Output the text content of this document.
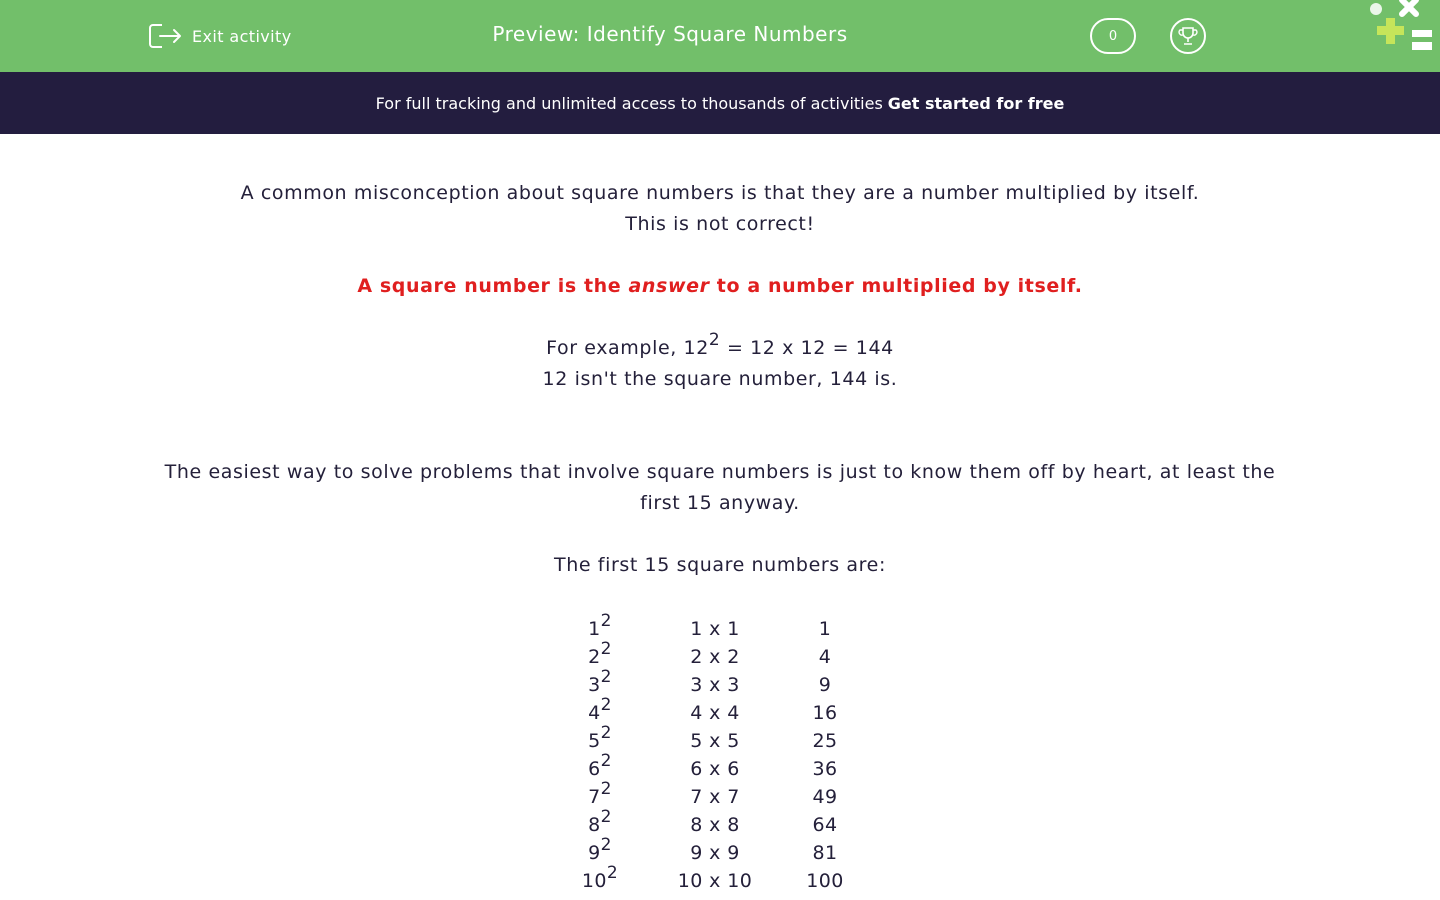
Exit activity	Preview: Identify Square Numbers	0
For full tracking and unlimited access to thousands of activities Get started for free
A common misconception about square numbers is that they are a number multiplied by itself.
This is not correct!
A square number is the answer to a number multiplied by itself.
For example, $12^2 = 12$ x 12 = 144
12 isn't the square number, 144 is.
The easiest way to solve problems that involve square numbers is just to know them off by heart, at least the first 15 anyway.
The first 15 square numbers are:
$1^2$	1 x 1	1
$2^2$	2 x 2	4
$3^2$	3 x 3	9
$4^2$	4 x 4	16
$5^2$	5 x 5	25
$6^2$	6 x 6	36
$7^2$	7 x 7	49
$8^2$	8 x 8	64
$9^2$	9 x 9	81
$10^2$	10 x 10	100
